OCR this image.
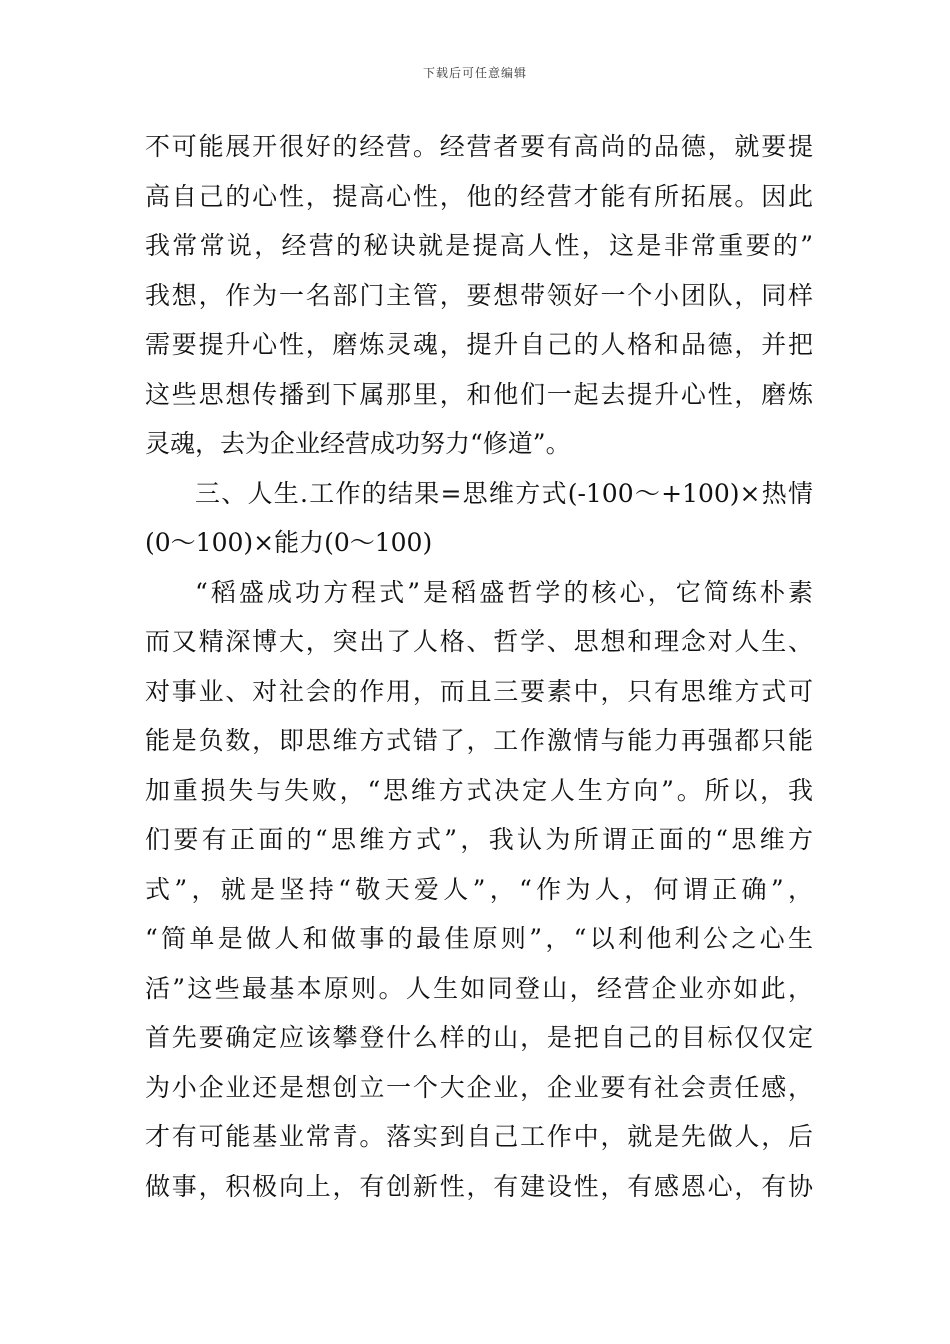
下载后可任意编辑
不可能展开很好的经营。经营者要有高尚的品德，就要提
高自己的心性，提高心性，他的经营才能有所拓展。因此
我常常说，经营的秘诀就是提高人性，这是非常重要的”
我想，作为一名部门主管，要想带领好一个小团队，同样
需要提升心性，磨炼灵魂，提升自己的人格和品德，并把
这些思想传播到下属那里，和他们一起去提升心性，磨炼
灵魂，去为企业经营成功努力“修道”。
三、人生.工作的结果=思维方式(-100～+100)×热情
(0～100)×能力(0～100)
“稻盛成功方程式”是稻盛哲学的核心，它简练朴素
而又精深博大，突出了人格、哲学、思想和理念对人生、
对事业、对社会的作用，而且三要素中，只有思维方式可
能是负数，即思维方式错了，工作激情与能力再强都只能
加重损失与失败，“思维方式决定人生方向”。所以，我
们要有正面的“思维方式”，我认为所谓正面的“思维方
式”，就是坚持“敬天爱人”，“作为人，何谓正确”，
“简单是做人和做事的最佳原则”，“以利他利公之心生
活”这些最基本原则。人生如同登山，经营企业亦如此，
首先要确定应该攀登什么样的山，是把自己的目标仅仅定
为小企业还是想创立一个大企业，企业要有社会责任感，
才有可能基业常青。落实到自己工作中，就是先做人，后
做事，积极向上，有创新性，有建设性，有感恩心，有协
